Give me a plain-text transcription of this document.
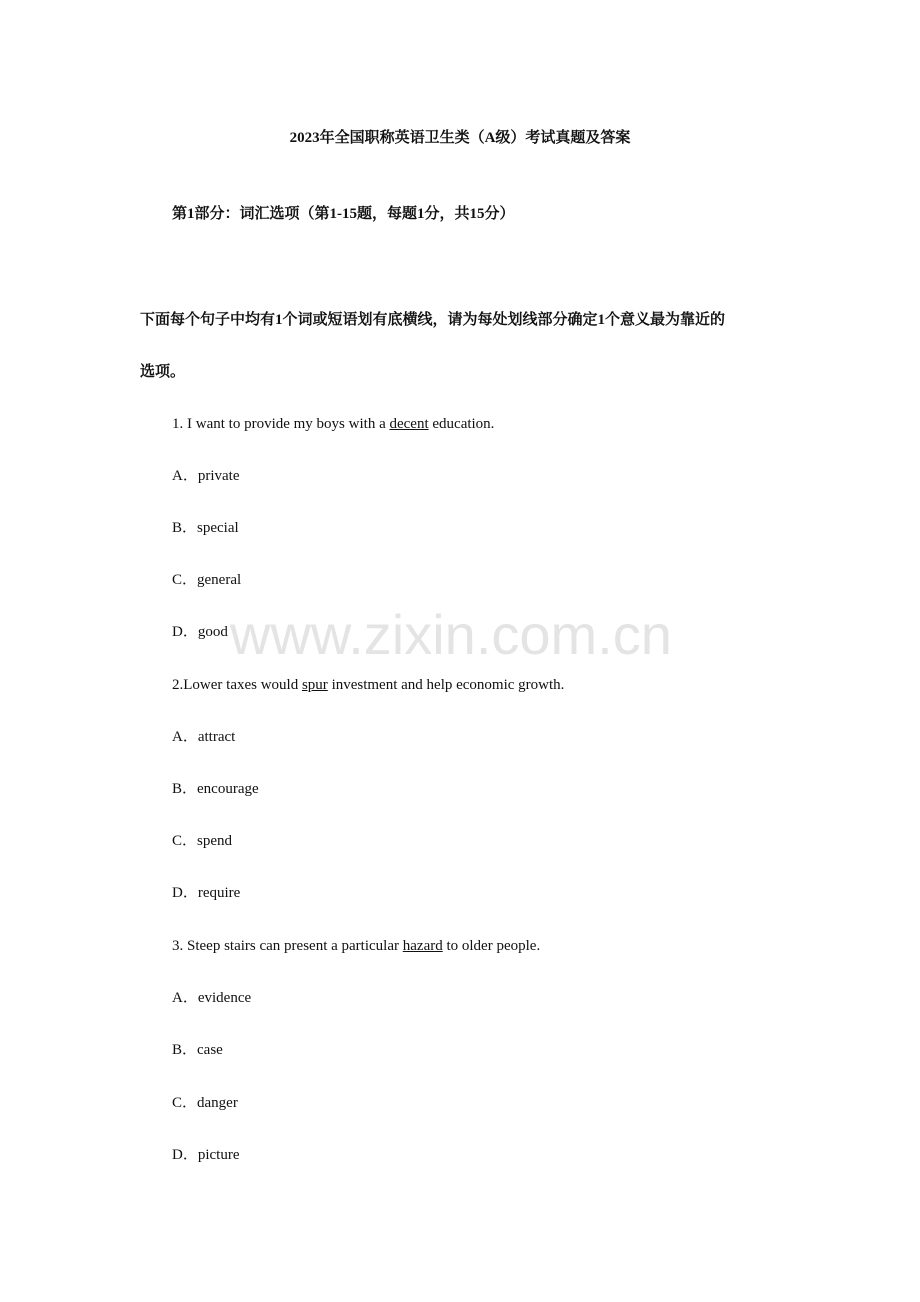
www.zixin.com.cn
2023年全国职称英语卫生类（A级）考试真题及答案
第1部分：词汇选项（第1-15题，每题1分，共15分）
下面每个句子中均有1个词或短语划有底横线，请为每处划线部分确定1个意义最为靠近的
选项。
1. I want to provide my boys with a decent education.
A．private
B．special
C．general
D．good
2.Lower taxes would spur investment and help economic growth.
A．attract
B．encourage
C．spend
D．require
3. Steep stairs can present a particular hazard to older people.
A．evidence
B．case
C．danger
D．picture
